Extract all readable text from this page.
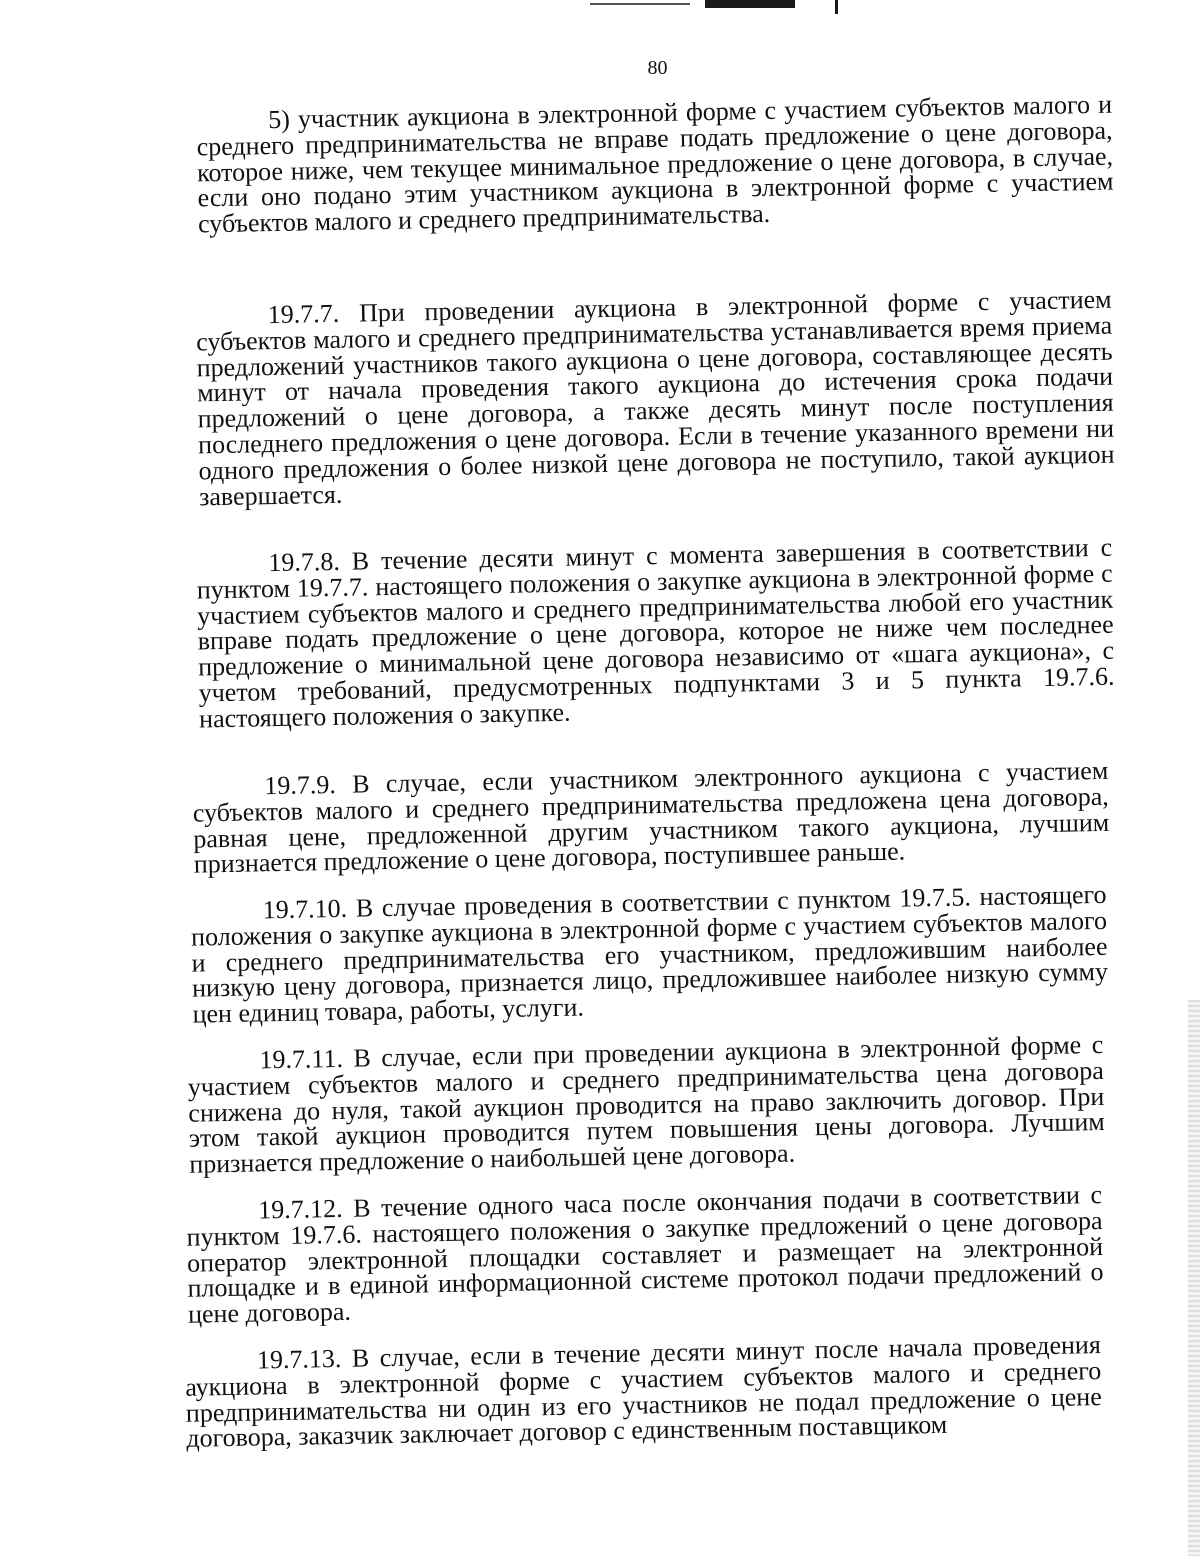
80

5) участник аукциона в электронной форме с участием субъектов малого и среднего предпринимательства не вправе подать предложение о цене договора, которое ниже, чем текущее минимальное предложение о цене договора, в случае, если оно подано этим участником аукциона в электронной форме с участием субъектов малого и среднего предпринимательства.

19.7.7. При проведении аукциона в электронной форме с участием субъектов малого и среднего предпринимательства устанавливается время приема предложений участников такого аукциона о цене договора, составляющее десять минут от начала проведения такого аукциона до истечения срока подачи предложений о цене договора, а также десять минут после поступления последнего предложения о цене договора. Если в течение указанного времени ни одного предложения о более низкой цене договора не поступило, такой аукцион завершается.

19.7.8. В течение десяти минут с момента завершения в соответствии с пунктом 19.7.7. настоящего положения о закупке аукциона в электронной форме с участием субъектов малого и среднего предпринимательства любой его участник вправе подать предложение о цене договора, которое не ниже чем последнее предложение о минимальной цене договора независимо от «шага аукциона», с учетом требований, предусмотренных подпунктами 3 и 5 пункта 19.7.6. настоящего положения о закупке.

19.7.9. В случае, если участником электронного аукциона с участием субъектов малого и среднего предпринимательства предложена цена договора, равная цене, предложенной другим участником такого аукциона, лучшим признается предложение о цене договора, поступившее раньше.

19.7.10. В случае проведения в соответствии с пунктом 19.7.5. настоящего положения о закупке аукциона в электронной форме с участием субъектов малого и среднего предпринимательства его участником, предложившим наиболее низкую цену договора, признается лицо, предложившее наиболее низкую сумму цен единиц товара, работы, услуги.

19.7.11. В случае, если при проведении аукциона в электронной форме с участием субъектов малого и среднего предпринимательства цена договора снижена до нуля, такой аукцион проводится на право заключить договор. При этом такой аукцион проводится путем повышения цены договора. Лучшим признается предложение о наибольшей цене договора.

19.7.12. В течение одного часа после окончания подачи в соответствии с пунктом 19.7.6. настоящего положения о закупке предложений о цене договора оператор электронной площадки составляет и размещает на электронной площадке и в единой информационной системе протокол подачи предложений о цене договора.

19.7.13. В случае, если в течение десяти минут после начала проведения аукциона в электронной форме с участием субъектов малого и среднего предпринимательства ни один из его участников не подал предложение о цене договора, заказчик заключает договор с единственным поставщиком
